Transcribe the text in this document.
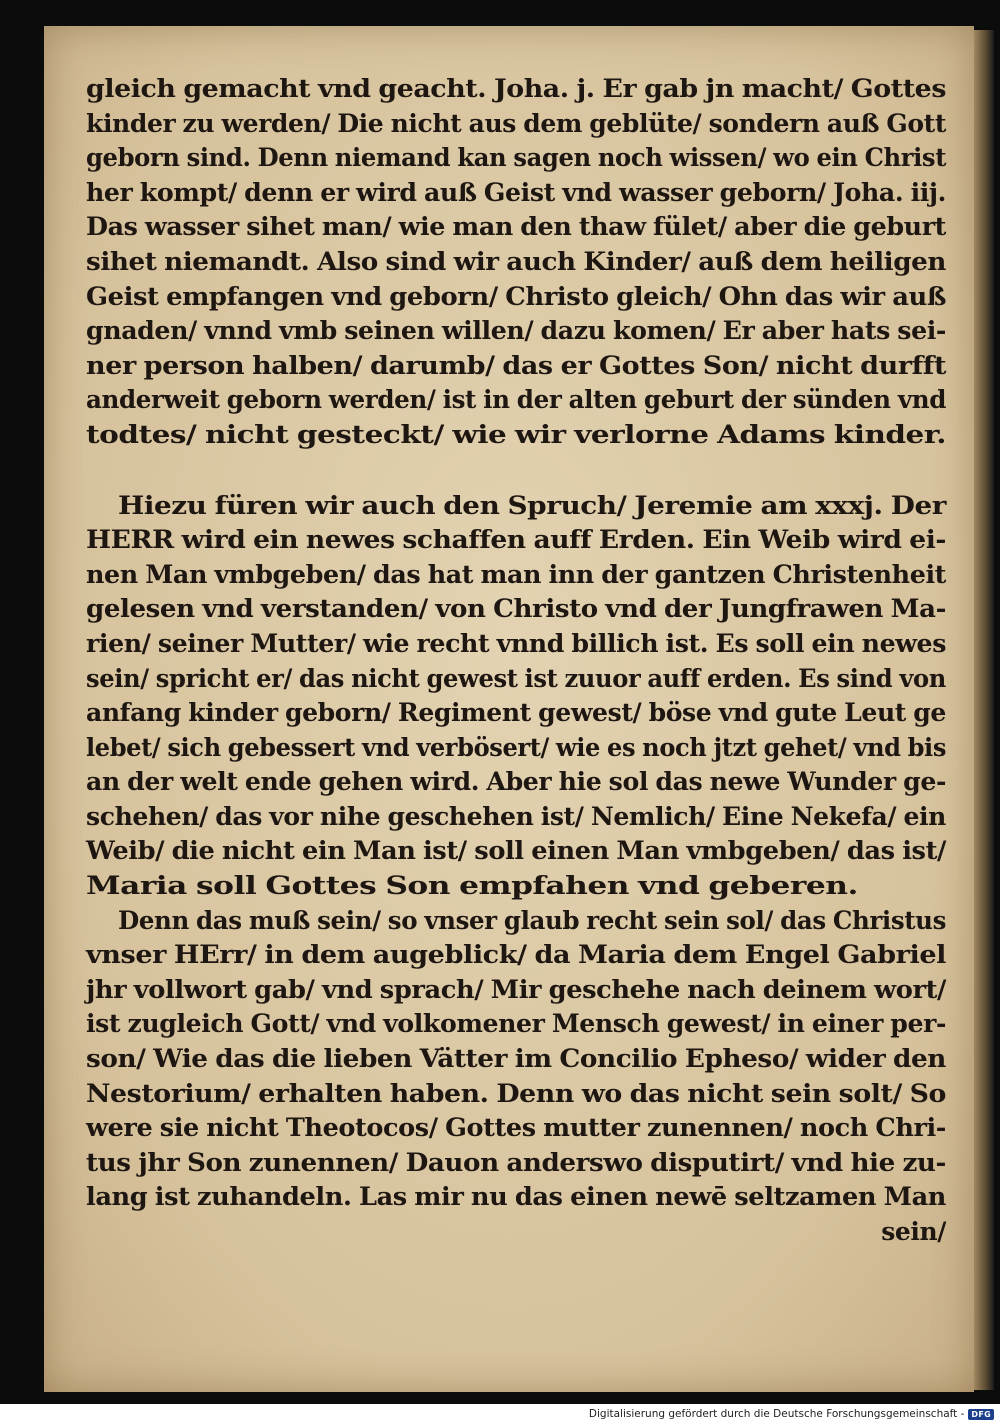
gleich gemacht vnd geacht. Joha. j. Er gab jn macht/ Gottes
kinder zu werden/ Die nicht aus dem geblüte/ sondern auß Gott
geborn sind. Denn niemand kan sagen noch wissen/ wo ein Christ
her kompt/ denn er wird auß Geist vnd wasser geborn/ Joha. iij.
Das wasser sihet man/ wie man den thaw fület/ aber die geburt
sihet niemandt. Also sind wir auch Kinder/ auß dem heiligen
Geist empfangen vnd geborn/ Christo gleich/ Ohn das wir auß
gnaden/ vnnd vmb seinen willen/ dazu komen/ Er aber hats sei-
ner person halben/ darumb/ das er Gottes Son/ nicht durfft
anderweit geborn werden/ ist in der alten geburt der sünden vnd
todtes/ nicht gesteckt/ wie wir verlorne Adams kinder.
Hiezu füren wir auch den Spruch/ Jeremie am xxxj. Der
HERR wird ein newes schaffen auff Erden. Ein Weib wird ei-
nen Man vmbgeben/ das hat man inn der gantzen Christenheit
gelesen vnd verstanden/ von Christo vnd der Jungfrawen Ma-
rien/ seiner Mutter/ wie recht vnnd billich ist. Es soll ein newes
sein/ spricht er/ das nicht gewest ist zuuor auff erden. Es sind von
anfang kinder geborn/ Regiment gewest/ böse vnd gute Leut ge
lebet/ sich gebessert vnd verbösert/ wie es noch jtzt gehet/ vnd bis
an der welt ende gehen wird. Aber hie sol das newe Wunder ge-
schehen/ das vor nihe geschehen ist/ Nemlich/ Eine Nekefa/ ein
Weib/ die nicht ein Man ist/ soll einen Man vmbgeben/ das ist/
Maria soll Gottes Son empfahen vnd geberen.
Denn das muß sein/ so vnser glaub recht sein sol/ das Christus
vnser HErr/ in dem augeblick/ da Maria dem Engel Gabriel
jhr vollwort gab/ vnd sprach/ Mir geschehe nach deinem wort/
ist zugleich Gott/ vnd volkomener Mensch gewest/ in einer per-
son/ Wie das die lieben Vätter im Concilio Epheso/ wider den
Nestorium/ erhalten haben. Denn wo das nicht sein solt/ So
were sie nicht Theotocos/ Gottes mutter zunennen/ noch Chri-
tus jhr Son zunennen/ Dauon anderswo disputirt/ vnd hie zu-
lang ist zuhandeln. Las mir nu das einen newē seltzamen Man
sein/
Digitalisierung gefördert durch die Deutsche Forschungsgemeinschaft - DFG
